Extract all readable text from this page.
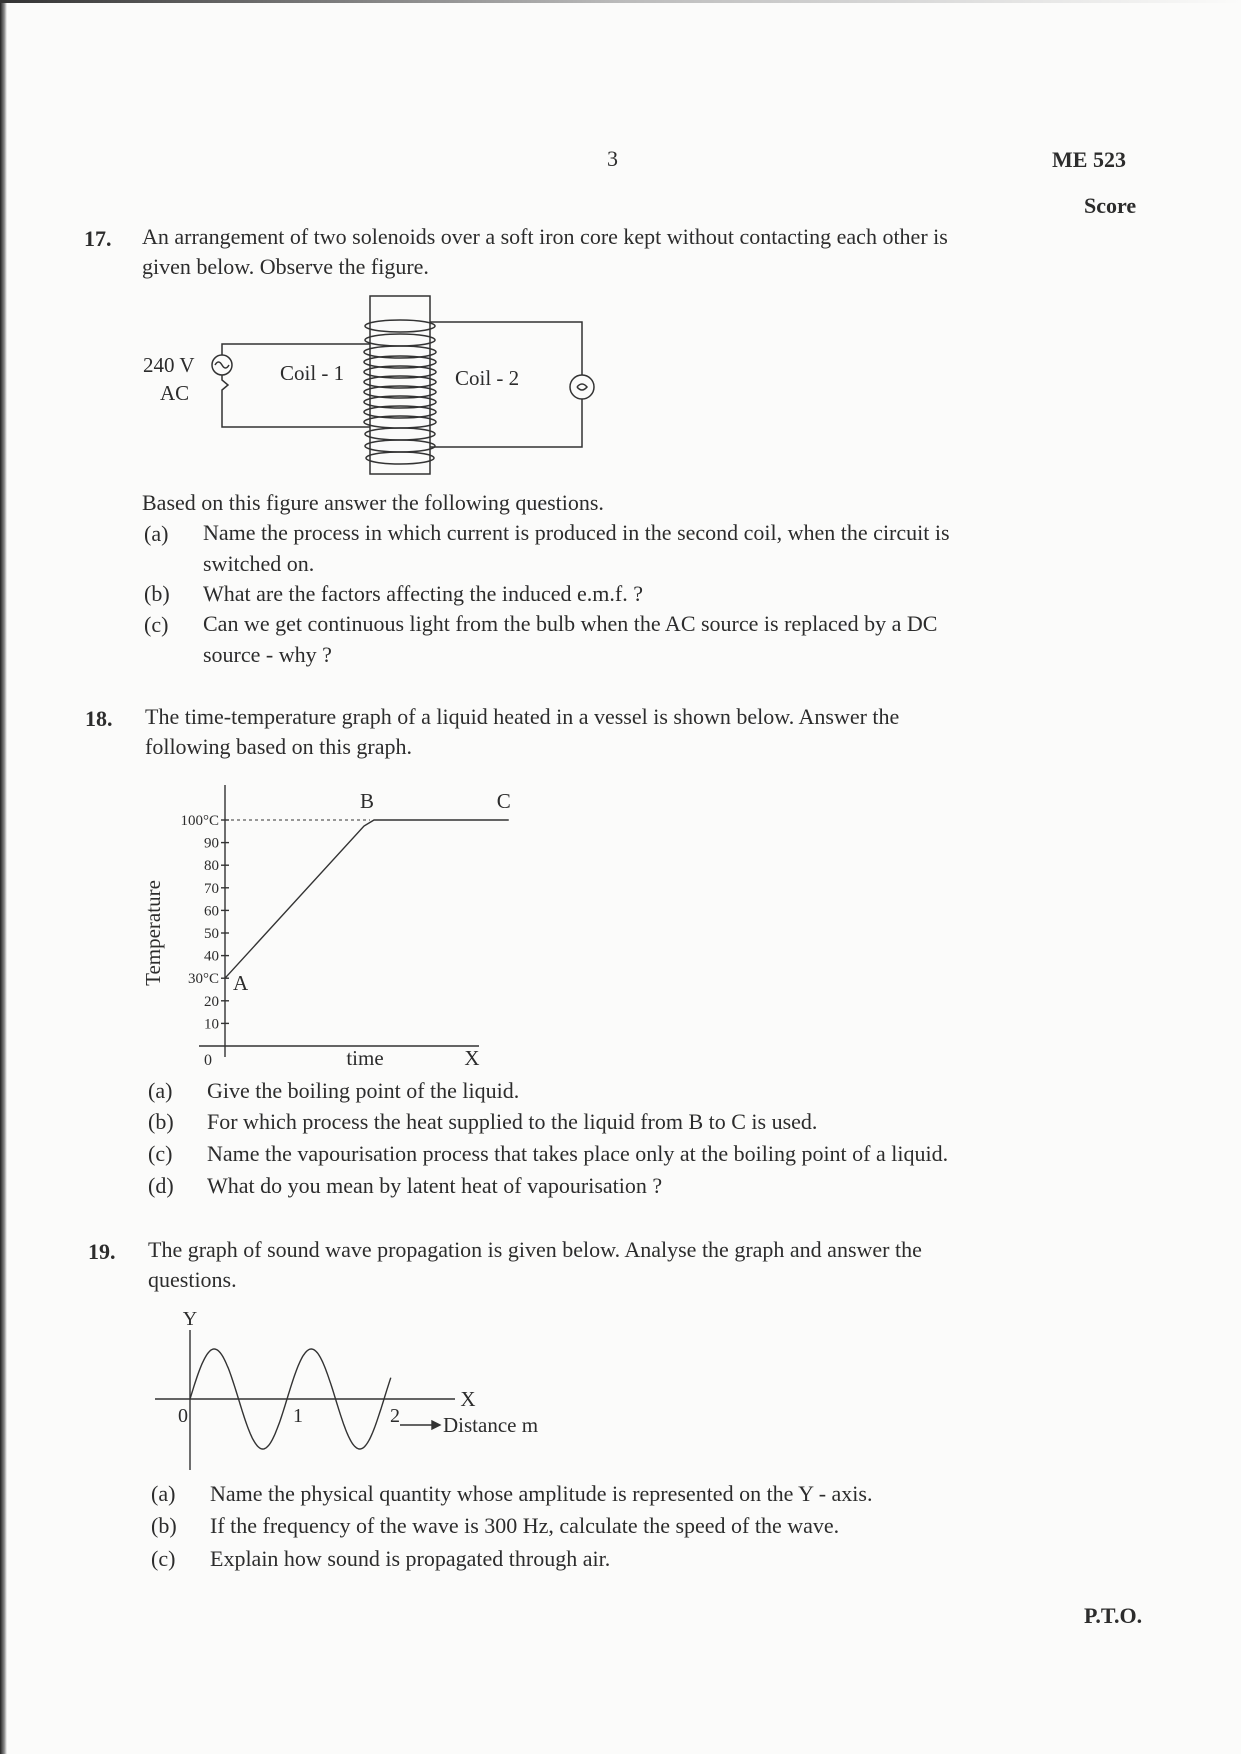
3	ME 523
Score
17. An arrangement of two solenoids over a soft iron core kept without contacting each other is
given below. Observe the figure.
240 V
AC
Coil - 1	Coil - 2
Based on this figure answer the following questions.
(a) Name the process in which current is produced in the second coil, when the circuit is
switched on.
(b) What are the factors affecting the induced e.m.f. ?
(c) Can we get continuous light from the bulb when the AC source is replaced by a DC
source - why ?
18. The time-temperature graph of a liquid heated in a vessel is shown below. Answer the
following based on this graph.
Temperature
time	X
0
10
20
30°C
40
50
60
70
80
90
100°C
A
B	C
(a) Give the boiling point of the liquid.
(b) For which process the heat supplied to the liquid from B to C is used.
(c) Name the vapourisation process that takes place only at the boiling point of a liquid.
(d) What do you mean by latent heat of vapourisation ?
19. The graph of sound wave propagation is given below. Analyse the graph and answer the
questions.
Y
X
Distance m
0	1	2
(a) Name the physical quantity whose amplitude is represented on the Y - axis.
(b) If the frequency of the wave is 300 Hz, calculate the speed of the wave.
(c) Explain how sound is propagated through air.
P.T.O.
